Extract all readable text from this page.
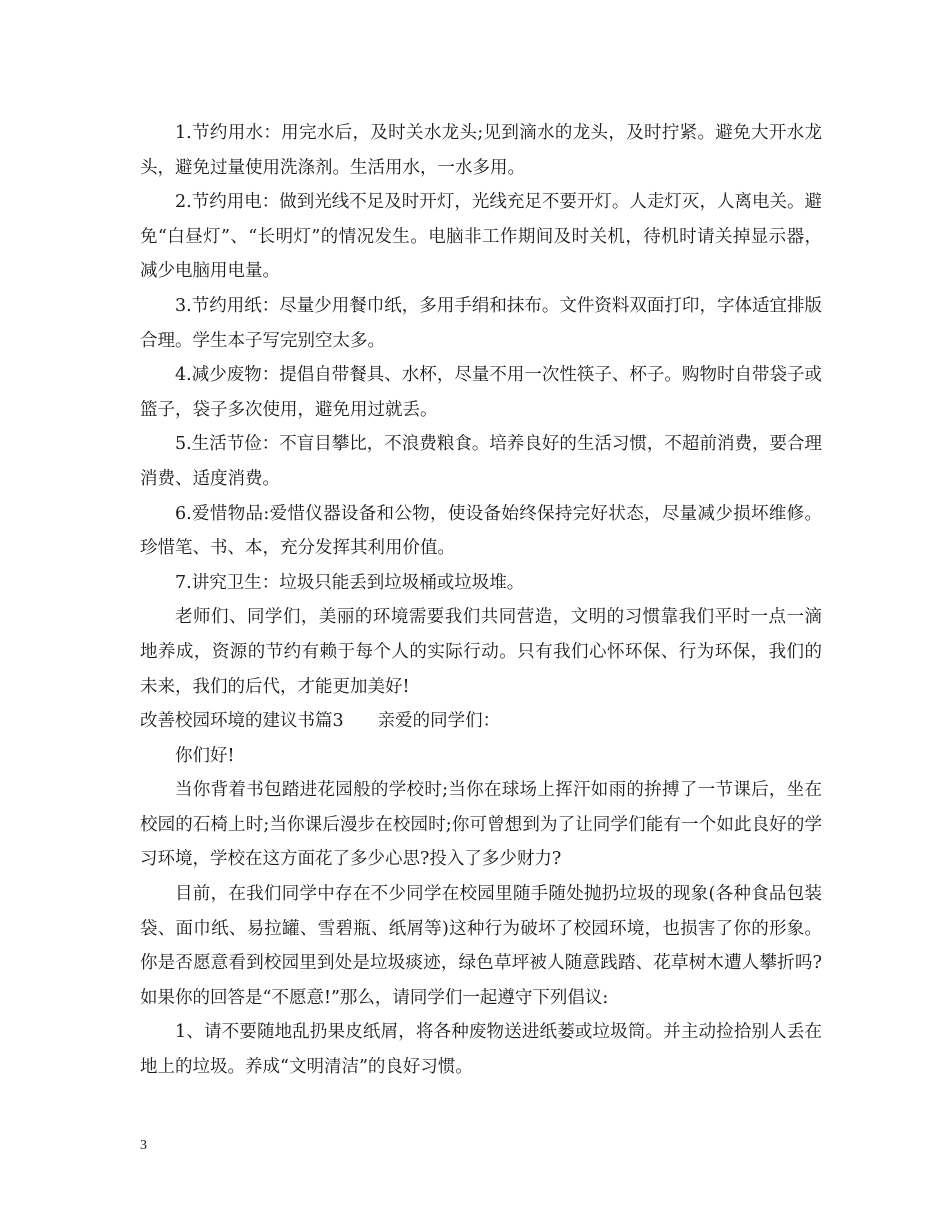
1.节约用水：用完水后，及时关水龙头;见到滴水的龙头，及时拧紧。避免大开水龙头，避免过量使用洗涤剂。生活用水，一水多用。

2.节约用电：做到光线不足及时开灯，光线充足不要开灯。人走灯灭，人离电关。避免“白昼灯”、“长明灯”的情况发生。电脑非工作期间及时关机，待机时请关掉显示器，减少电脑用电量。

3.节约用纸：尽量少用餐巾纸，多用手绢和抹布。文件资料双面打印，字体适宜排版合理。学生本子写完别空太多。

4.减少废物：提倡自带餐具、水杯，尽量不用一次性筷子、杯子。购物时自带袋子或篮子，袋子多次使用，避免用过就丢。

5.生活节俭：不盲目攀比，不浪费粮食。培养良好的生活习惯，不超前消费，要合理消费、适度消费。

6.爱惜物品:爱惜仪器设备和公物，使设备始终保持完好状态，尽量减少损坏维修。珍惜笔、书、本，充分发挥其利用价值。

7.讲究卫生：垃圾只能丢到垃圾桶或垃圾堆。

老师们、同学们，美丽的环境需要我们共同营造，文明的习惯靠我们平时一点一滴地养成，资源的节约有赖于每个人的实际行动。只有我们心怀环保、行为环保，我们的未来，我们的后代，才能更加美好!

改善校园环境的建议书篇3 亲爱的同学们：

你们好!

当你背着书包踏进花园般的学校时;当你在球场上挥汗如雨的拚搏了一节课后，坐在校园的石椅上时;当你课后漫步在校园时;你可曾想到为了让同学们能有一个如此良好的学习环境，学校在这方面花了多少心思?投入了多少财力?

目前，在我们同学中存在不少同学在校园里随手随处抛扔垃圾的现象(各种食品包装袋、面巾纸、易拉罐、雪碧瓶、纸屑等)这种行为破坏了校园环境，也损害了你的形象。你是否愿意看到校园里到处是垃圾痰迹，绿色草坪被人随意践踏、花草树木遭人攀折吗?如果你的回答是“不愿意!”那么，请同学们一起遵守下列倡议:

1、请不要随地乱扔果皮纸屑，将各种废物送进纸蒌或垃圾筒。并主动捡拾别人丢在地上的垃圾。养成“文明清洁”的良好习惯。

3
